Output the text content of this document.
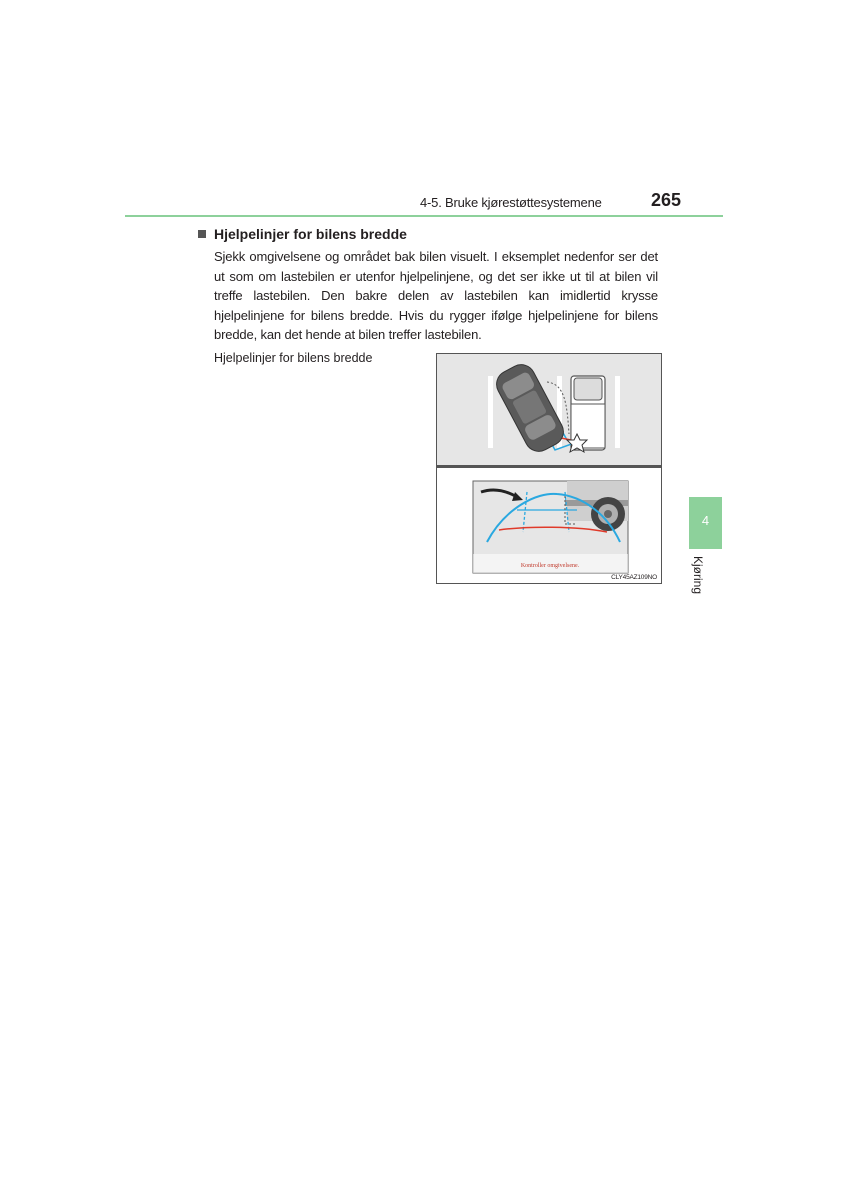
4-5. Bruke kjørestøttesystemene	265
Hjelpelinjer for bilens bredde
Sjekk omgivelsene og området bak bilen visuelt. I eksemplet nedenfor ser det ut som om lastebilen er utenfor hjelpelinjene, og det ser ikke ut til at bilen vil treffe lastebilen. Den bakre delen av lastebilen kan imidlertid krysse hjelpelinjene for bilens bredde. Hvis du rygger ifølge hjelpelinjene for bilens bredde, kan det hende at bilen treffer lastebilen.
Hjelpelinjer for bilens bredde
Kontroller omgivelsene.
CLY45AZ109NO
4
Kjøring
